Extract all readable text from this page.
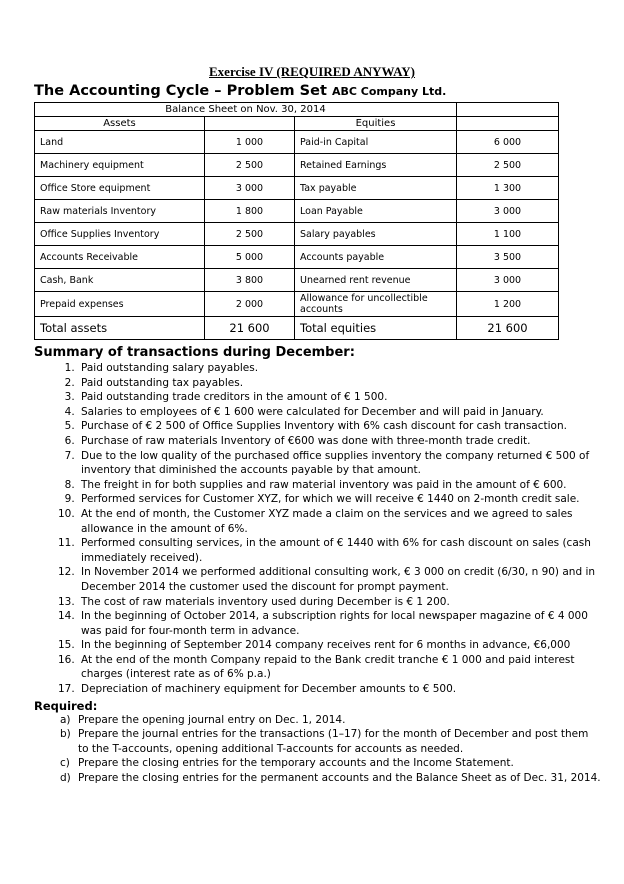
Exercise IV (REQUIRED ANYWAY)
The Accounting Cycle – Problem Set ABC Company Ltd.
Balance Sheet on Nov. 30, 2014			
Assets		Equities	
Land	1 000	Paid-in Capital	6 000
Machinery equipment	2 500	Retained Earnings	2 500
Office Store equipment	3 000	Tax payable	1 300
Raw materials Inventory	1 800	Loan Payable	3 000
Office Supplies Inventory	2 500	Salary payables	1 100
Accounts Receivable	5 000	Accounts payable	3 500
Cash, Bank	3 800	Unearned rent revenue	3 000
Prepaid expenses	2 000	Allowance for uncollectible accounts	1 200
Total assets	21 600	Total equities	21 600
Summary of transactions during December:
1. Paid outstanding salary payables.
2. Paid outstanding tax payables.
3. Paid outstanding trade creditors in the amount of € 1 500.
4. Salaries to employees of € 1 600 were calculated for December and will paid in January.
5. Purchase of € 2 500 of Office Supplies Inventory with 6% cash discount for cash transaction.
6. Purchase of raw materials Inventory of €600 was done with three-month trade credit.
7. Due to the low quality of the purchased office supplies inventory the company returned € 500 of inventory that diminished the accounts payable by that amount.
8. The freight in for both supplies and raw material inventory was paid in the amount of € 600.
9. Performed services for Customer XYZ, for which we will receive € 1440 on 2-month credit sale.
10. At the end of month, the Customer XYZ made a claim on the services and we agreed to sales allowance in the amount of 6%.
11. Performed consulting services, in the amount of € 1440 with 6% for cash discount on sales (cash immediately received).
12. In November 2014 we performed additional consulting work, € 3 000 on credit (6/30, n 90) and in December 2014 the customer used the discount for prompt payment.
13. The cost of raw materials inventory used during December is € 1 200.
14. In the beginning of October 2014, a subscription rights for local newspaper magazine of € 4 000 was paid for four-month term in advance.
15. In the beginning of September 2014 company receives rent for 6 months in advance, €6,000
16. At the end of the month Company repaid to the Bank credit tranche € 1 000 and paid interest charges (interest rate as of 6% p.a.)
17. Depreciation of machinery equipment for December amounts to € 500.
Required:
a) Prepare the opening journal entry on Dec. 1, 2014.
b) Prepare the journal entries for the transactions (1–17) for the month of December and post them to the T-accounts, opening additional T-accounts for accounts as needed.
c) Prepare the closing entries for the temporary accounts and the Income Statement.
d) Prepare the closing entries for the permanent accounts and the Balance Sheet as of Dec. 31, 2014.
